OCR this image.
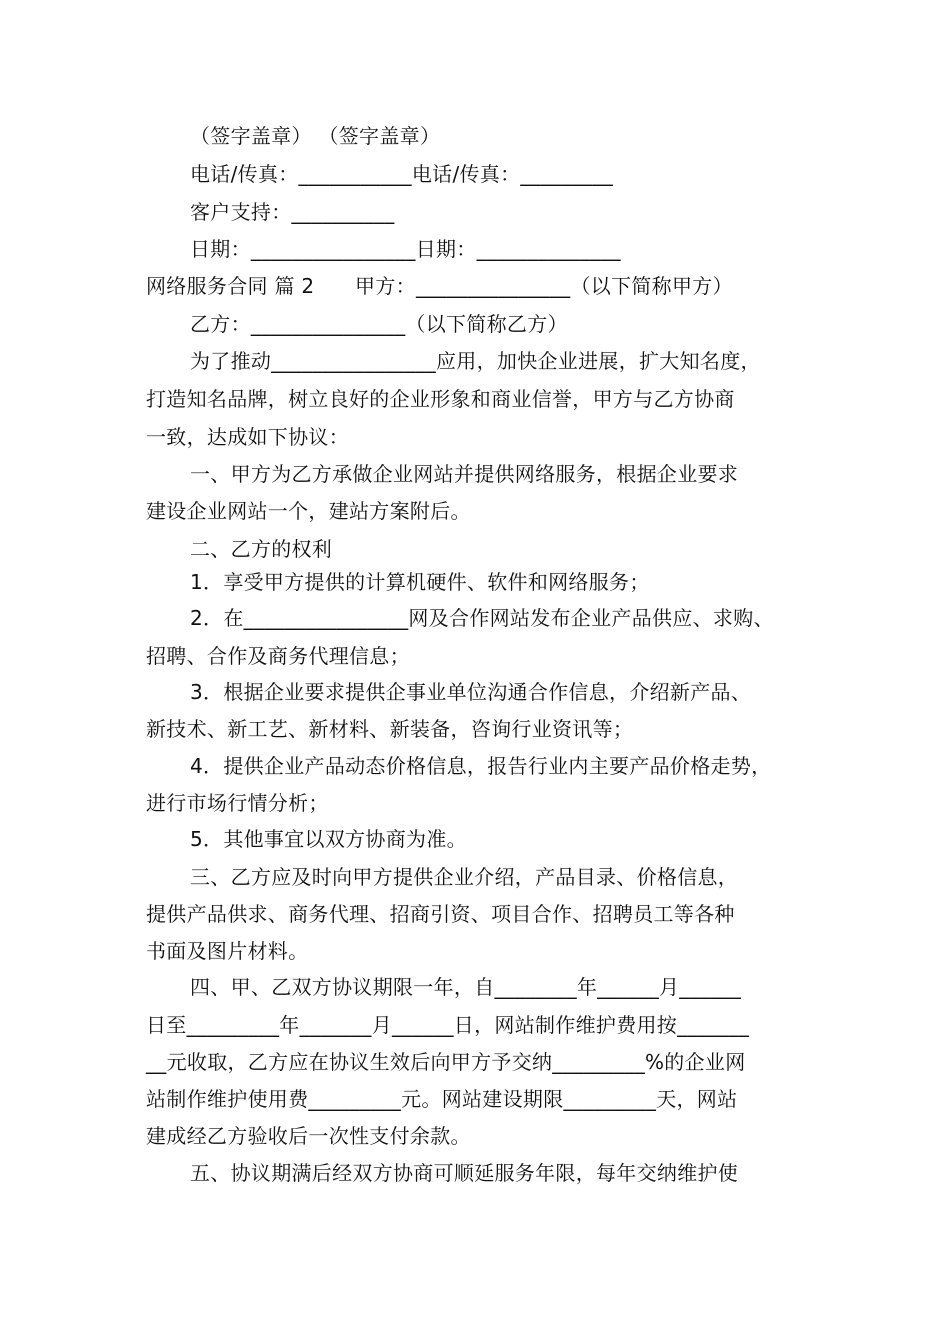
（签字盖章） （签字盖章）
电话/传真：___________电话/传真：_________
客户支持：__________
日期：________________日期：______________
网络服务合同 篇 2　　甲方：_______________（以下简称甲方）
乙方：_______________（以下简称乙方）
为了推动________________应用，加快企业进展，扩大知名度，
打造知名品牌，树立良好的企业形象和商业信誉，甲方与乙方协商
一致，达成如下协议：
一、甲方为乙方承做企业网站并提供网络服务，根据企业要求
建设企业网站一个，建站方案附后。
二、乙方的权利
1．享受甲方提供的计算机硬件、软件和网络服务；
2．在________________网及合作网站发布企业产品供应、求购、
招聘、合作及商务代理信息；
3．根据企业要求提供企事业单位沟通合作信息，介绍新产品、
新技术、新工艺、新材料、新装备，咨询行业资讯等；
4．提供企业产品动态价格信息，报告行业内主要产品价格走势，
进行市场行情分析；
5．其他事宜以双方协商为准。
三、乙方应及时向甲方提供企业介绍，产品目录、价格信息，
提供产品供求、商务代理、招商引资、项目合作、招聘员工等各种
书面及图片材料。
四、甲、乙双方协议期限一年，自________年______月______
日至_________年_______月______日，网站制作维护费用按_______
__元收取，乙方应在协议生效后向甲方予交纳_________%的企业网
站制作维护使用费_________元。网站建设期限_________天，网站
建成经乙方验收后一次性支付余款。
五、协议期满后经双方协商可顺延服务年限，每年交纳维护使
